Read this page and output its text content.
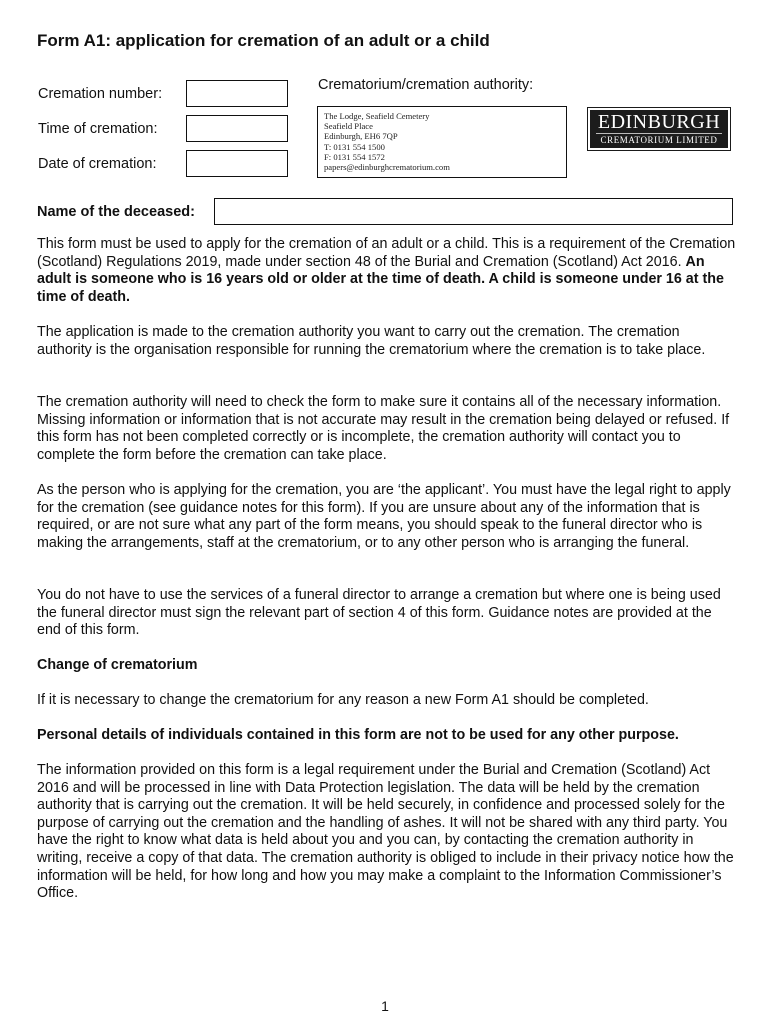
Form A1: application for cremation of an adult or a child
Cremation number:
Time of cremation:
Date of cremation:
Crematorium/cremation authority:
The Lodge, Seafield Cemetery
Seafield Place
Edinburgh, EH6 7QP
T: 0131 554 1500
F: 0131 554 1572
papers@edinburghcrematorium.com
EDINBURGH
CREMATORIUM LIMITED
Name of the deceased:

This form must be used to apply for the cremation of an adult or a child. This is a requirement of the Cremation (Scotland) Regulations 2019, made under section 48 of the Burial and Cremation (Scotland) Act 2016. An adult is someone who is 16 years old or older at the time of death. A child is someone under 16 at the time of death.

The application is made to the cremation authority you want to carry out the cremation. The cremation authority is the organisation responsible for running the crematorium where the cremation is to take place.

The cremation authority will need to check the form to make sure it contains all of the necessary information. Missing information or information that is not accurate may result in the cremation being delayed or refused. If this form has not been completed correctly or is incomplete, the cremation authority will contact you to complete the form before the cremation can take place.

As the person who is applying for the cremation, you are ‘the applicant’. You must have the legal right to apply for the cremation (see guidance notes for this form). If you are unsure about any of the information that is required, or are not sure what any part of the form means, you should speak to the funeral director who is making the arrangements, staff at the crematorium, or to any other person who is arranging the funeral.

You do not have to use the services of a funeral director to arrange a cremation but where one is being used the funeral director must sign the relevant part of section 4 of this form. Guidance notes are provided at the end of this form.

Change of crematorium

If it is necessary to change the crematorium for any reason a new Form A1 should be completed.

Personal details of individuals contained in this form are not to be used for any other purpose.

The information provided on this form is a legal requirement under the Burial and Cremation (Scotland) Act 2016 and will be processed in line with Data Protection legislation. The data will be held by the cremation authority that is carrying out the cremation. It will be held securely, in confidence and processed solely for the purpose of carrying out the cremation and the handling of ashes. It will not be shared with any third party. You have the right to know what data is held about you and you can, by contacting the cremation authority in writing, receive a copy of that data. The cremation authority is obliged to include in their privacy notice how the information will be held, for how long and how you may make a complaint to the Information Commissioner’s Office.

1
